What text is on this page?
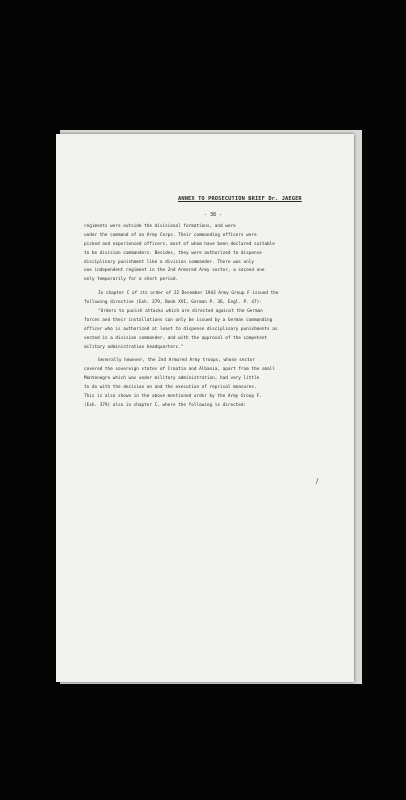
ANNEX TO PROSECUTION BRIEF Dr. JAEGER
- 38 -
regiments were outside the divisional formations, and were
under the command of an Army Corps. Their commanding officers were
picked and experienced officers, most of whom have been declared suitable
to be division commanders. Besides, they were authorized to dispense
disciplinary punishment like a division commander. There was only
one independent regiment in the 2nd Armored Army sector, a second one
only temporarily for a short period.
In chapter C of its order of 22 December 1943 Army Group F issued the
following directive (Exh. 379, Book XVI, German P. 36, Engl. P. 47):
"Orders to punish attacks which are directed against the German
forces and their installations can only be issued by a German commanding
officer who is authorized at least to dispense disciplinary punishments as
vested in a division commander, and with the approval of the competent
military administration headquarters."
Generally however, the 2nd Armored Army troops, whose sector
covered the sovereign states of Croatia and Albania, apart from the small
Montenegro which was under military administration, had very little
to do with the decision on and the execution of reprisal measures.
This is also shown in the above mentioned order by the Army Group F.
(Exh. 379) also in chapter C, where the following is directed:
/
